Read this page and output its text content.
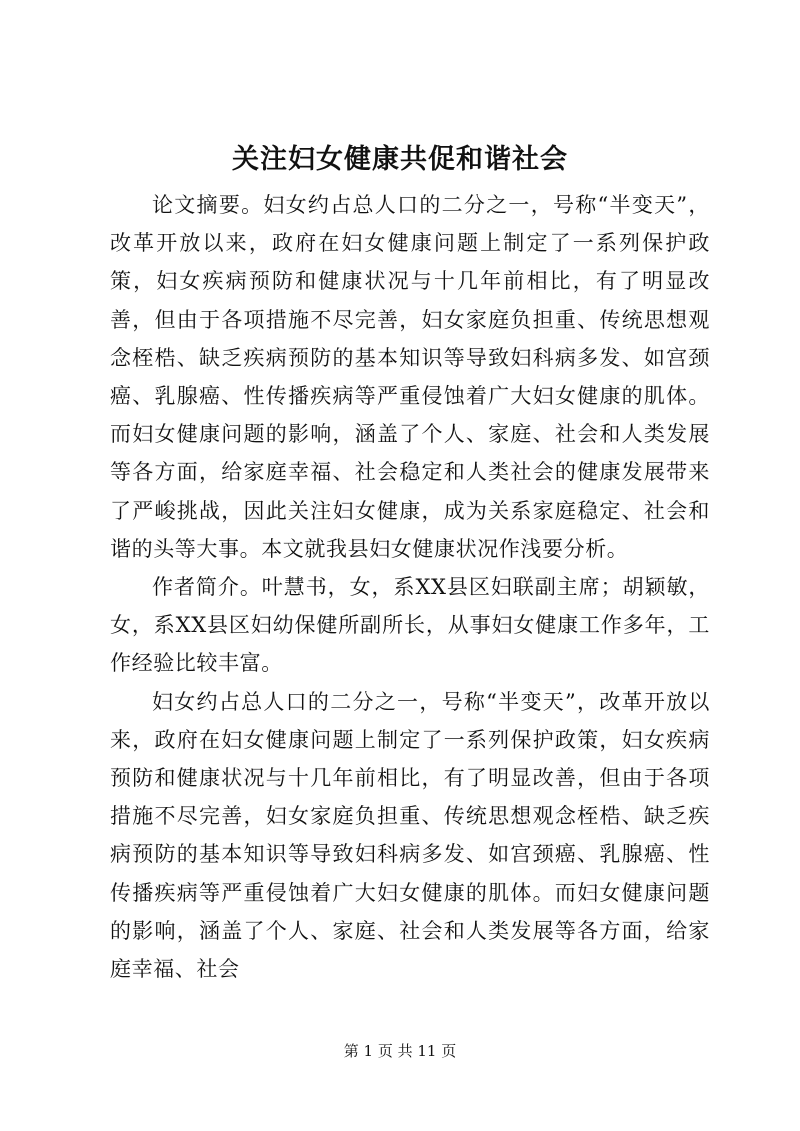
关注妇女健康共促和谐社会

论文摘要。妇女约占总人口的二分之一，号称“半变天”，改革开放以来，政府在妇女健康问题上制定了一系列保护政策，妇女疾病预防和健康状况与十几年前相比，有了明显改善，但由于各项措施不尽完善，妇女家庭负担重、传统思想观念桎梏、缺乏疾病预防的基本知识等导致妇科病多发、如宫颈癌、乳腺癌、性传播疾病等严重侵蚀着广大妇女健康的肌体。而妇女健康问题的影响，涵盖了个人、家庭、社会和人类发展等各方面，给家庭幸福、社会稳定和人类社会的健康发展带来了严峻挑战，因此关注妇女健康，成为关系家庭稳定、社会和谐的头等大事。本文就我县妇女健康状况作浅要分析。

作者简介。叶慧书，女，系XX县区妇联副主席；胡颖敏，女，系XX县区妇幼保健所副所长，从事妇女健康工作多年，工作经验比较丰富。

妇女约占总人口的二分之一，号称“半变天”，改革开放以来，政府在妇女健康问题上制定了一系列保护政策，妇女疾病预防和健康状况与十几年前相比，有了明显改善，但由于各项措施不尽完善，妇女家庭负担重、传统思想观念桎梏、缺乏疾病预防的基本知识等导致妇科病多发、如宫颈癌、乳腺癌、性传播疾病等严重侵蚀着广大妇女健康的肌体。而妇女健康问题的影响，涵盖了个人、家庭、社会和人类发展等各方面，给家庭幸福、社会

第 1 页 共 11 页
